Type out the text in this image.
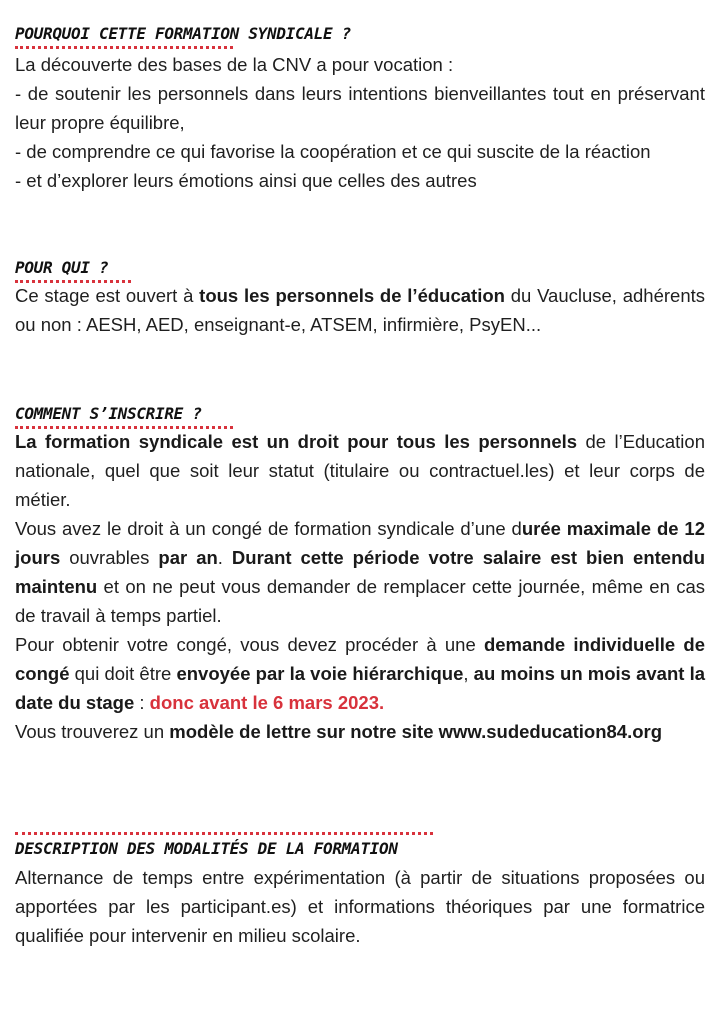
POURQUOI CETTE FORMATION SYNDICALE ?

La découverte des bases de la CNV a pour vocation :
- de soutenir les personnels dans leurs intentions bienveillantes tout en préservant leur propre équilibre,
- de comprendre ce qui favorise la coopération et ce qui suscite de la réaction
- et d’explorer leurs émotions ainsi que celles des autres

POUR QUI ?

Ce stage est ouvert à tous les personnels de l’éducation du Vaucluse, adhérents ou non : AESH, AED, enseignant-e, ATSEM, infirmière, PsyEN...

COMMENT S’INSCRIRE ?

La formation syndicale est un droit pour tous les personnels de l’Education nationale, quel que soit leur statut (titulaire ou contractuel.les) et leur corps de métier.

Vous avez le droit à un congé de formation syndicale d’une durée maximale de 12 jours ouvrables par an. Durant cette période votre salaire est bien entendu maintenu et on ne peut vous demander de remplacer cette journée, même en cas de travail à temps partiel.

Pour obtenir votre congé, vous devez procéder à une demande individuelle de congé qui doit être envoyée par la voie hiérarchique, au moins un mois avant la date du stage : donc avant le 6 mars 2023.

Vous trouverez un modèle de lettre sur notre site www.sudeducation84.org

DESCRIPTION DES MODALITÉS DE LA FORMATION

Alternance de temps entre expérimentation (à partir de situations proposées ou apportées par les participant.es) et informations théoriques par une formatrice qualifiée pour intervenir en milieu scolaire.
